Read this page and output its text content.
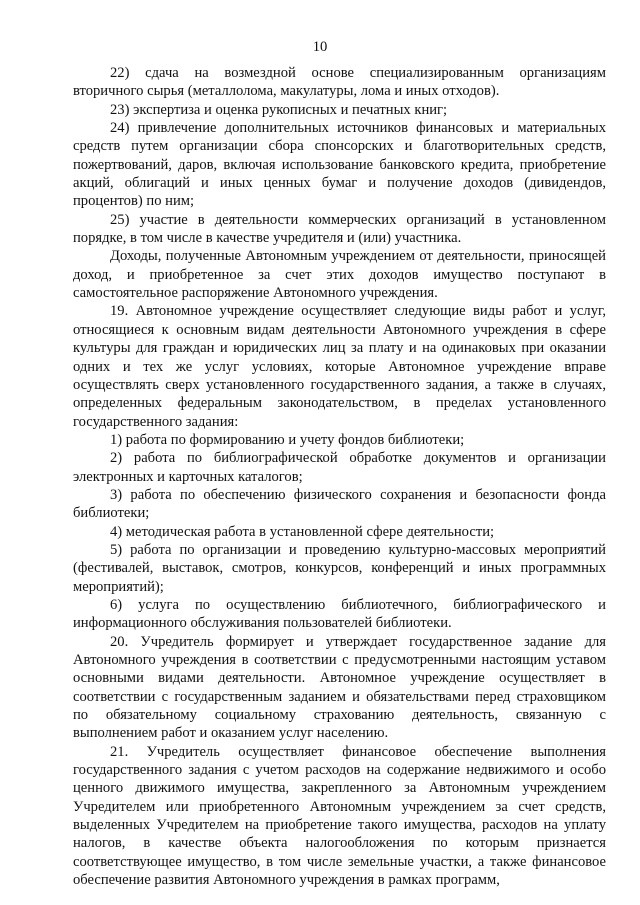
10

22) сдача на возмездной основе специализированным организациям вторичного сырья (металлолома, макулатуры, лома и иных отходов).

23) экспертиза и оценка рукописных и печатных книг;

24) привлечение дополнительных источников финансовых и материальных средств путем организации сбора спонсорских и благотворительных средств, пожертвований, даров, включая использование банковского кредита, приобретение акций, облигаций и иных ценных бумаг и получение доходов (дивидендов, процентов) по ним;

25) участие в деятельности коммерческих организаций в установленном порядке, в том числе в качестве учредителя и (или) участника.

Доходы, полученные Автономным учреждением от деятельности, приносящей доход, и приобретенное за счет этих доходов имущество поступают в самостоятельное распоряжение Автономного учреждения.

19. Автономное учреждение осуществляет следующие виды работ и услуг, относящиеся к основным видам деятельности Автономного учреждения в сфере культуры для граждан и юридических лиц за плату и на одинаковых при оказании одних и тех же услуг условиях, которые Автономное учреждение вправе осуществлять сверх установленного государственного задания, а также в случаях, определенных федеральным законодательством, в пределах установленного государственного задания:

1) работа по формированию и учету фондов библиотеки;

2) работа по библиографической обработке документов и организации электронных и карточных каталогов;

3) работа по обеспечению физического сохранения и безопасности фонда библиотеки;

4) методическая работа в установленной сфере деятельности;

5) работа по организации и проведению культурно-массовых мероприятий (фестивалей, выставок, смотров, конкурсов, конференций и иных программных мероприятий);

6) услуга по осуществлению библиотечного, библиографического и информационного обслуживания пользователей библиотеки.

20. Учредитель формирует и утверждает государственное задание для Автономного учреждения в соответствии с предусмотренными настоящим уставом основными видами деятельности. Автономное учреждение осуществляет в соответствии с государственным заданием и обязательствами перед страховщиком по обязательному социальному страхованию деятельность, связанную с выполнением работ и оказанием услуг населению.

21. Учредитель осуществляет финансовое обеспечение выполнения государственного задания с учетом расходов на содержание недвижимого и особо ценного движимого имущества, закрепленного за Автономным учреждением Учредителем или приобретенного Автономным учреждением за счет средств, выделенных Учредителем на приобретение такого имущества, расходов на уплату налогов, в качестве объекта налогообложения по которым признается соответствующее имущество, в том числе земельные участки, а также финансовое обеспечение развития Автономного учреждения в рамках программ,
